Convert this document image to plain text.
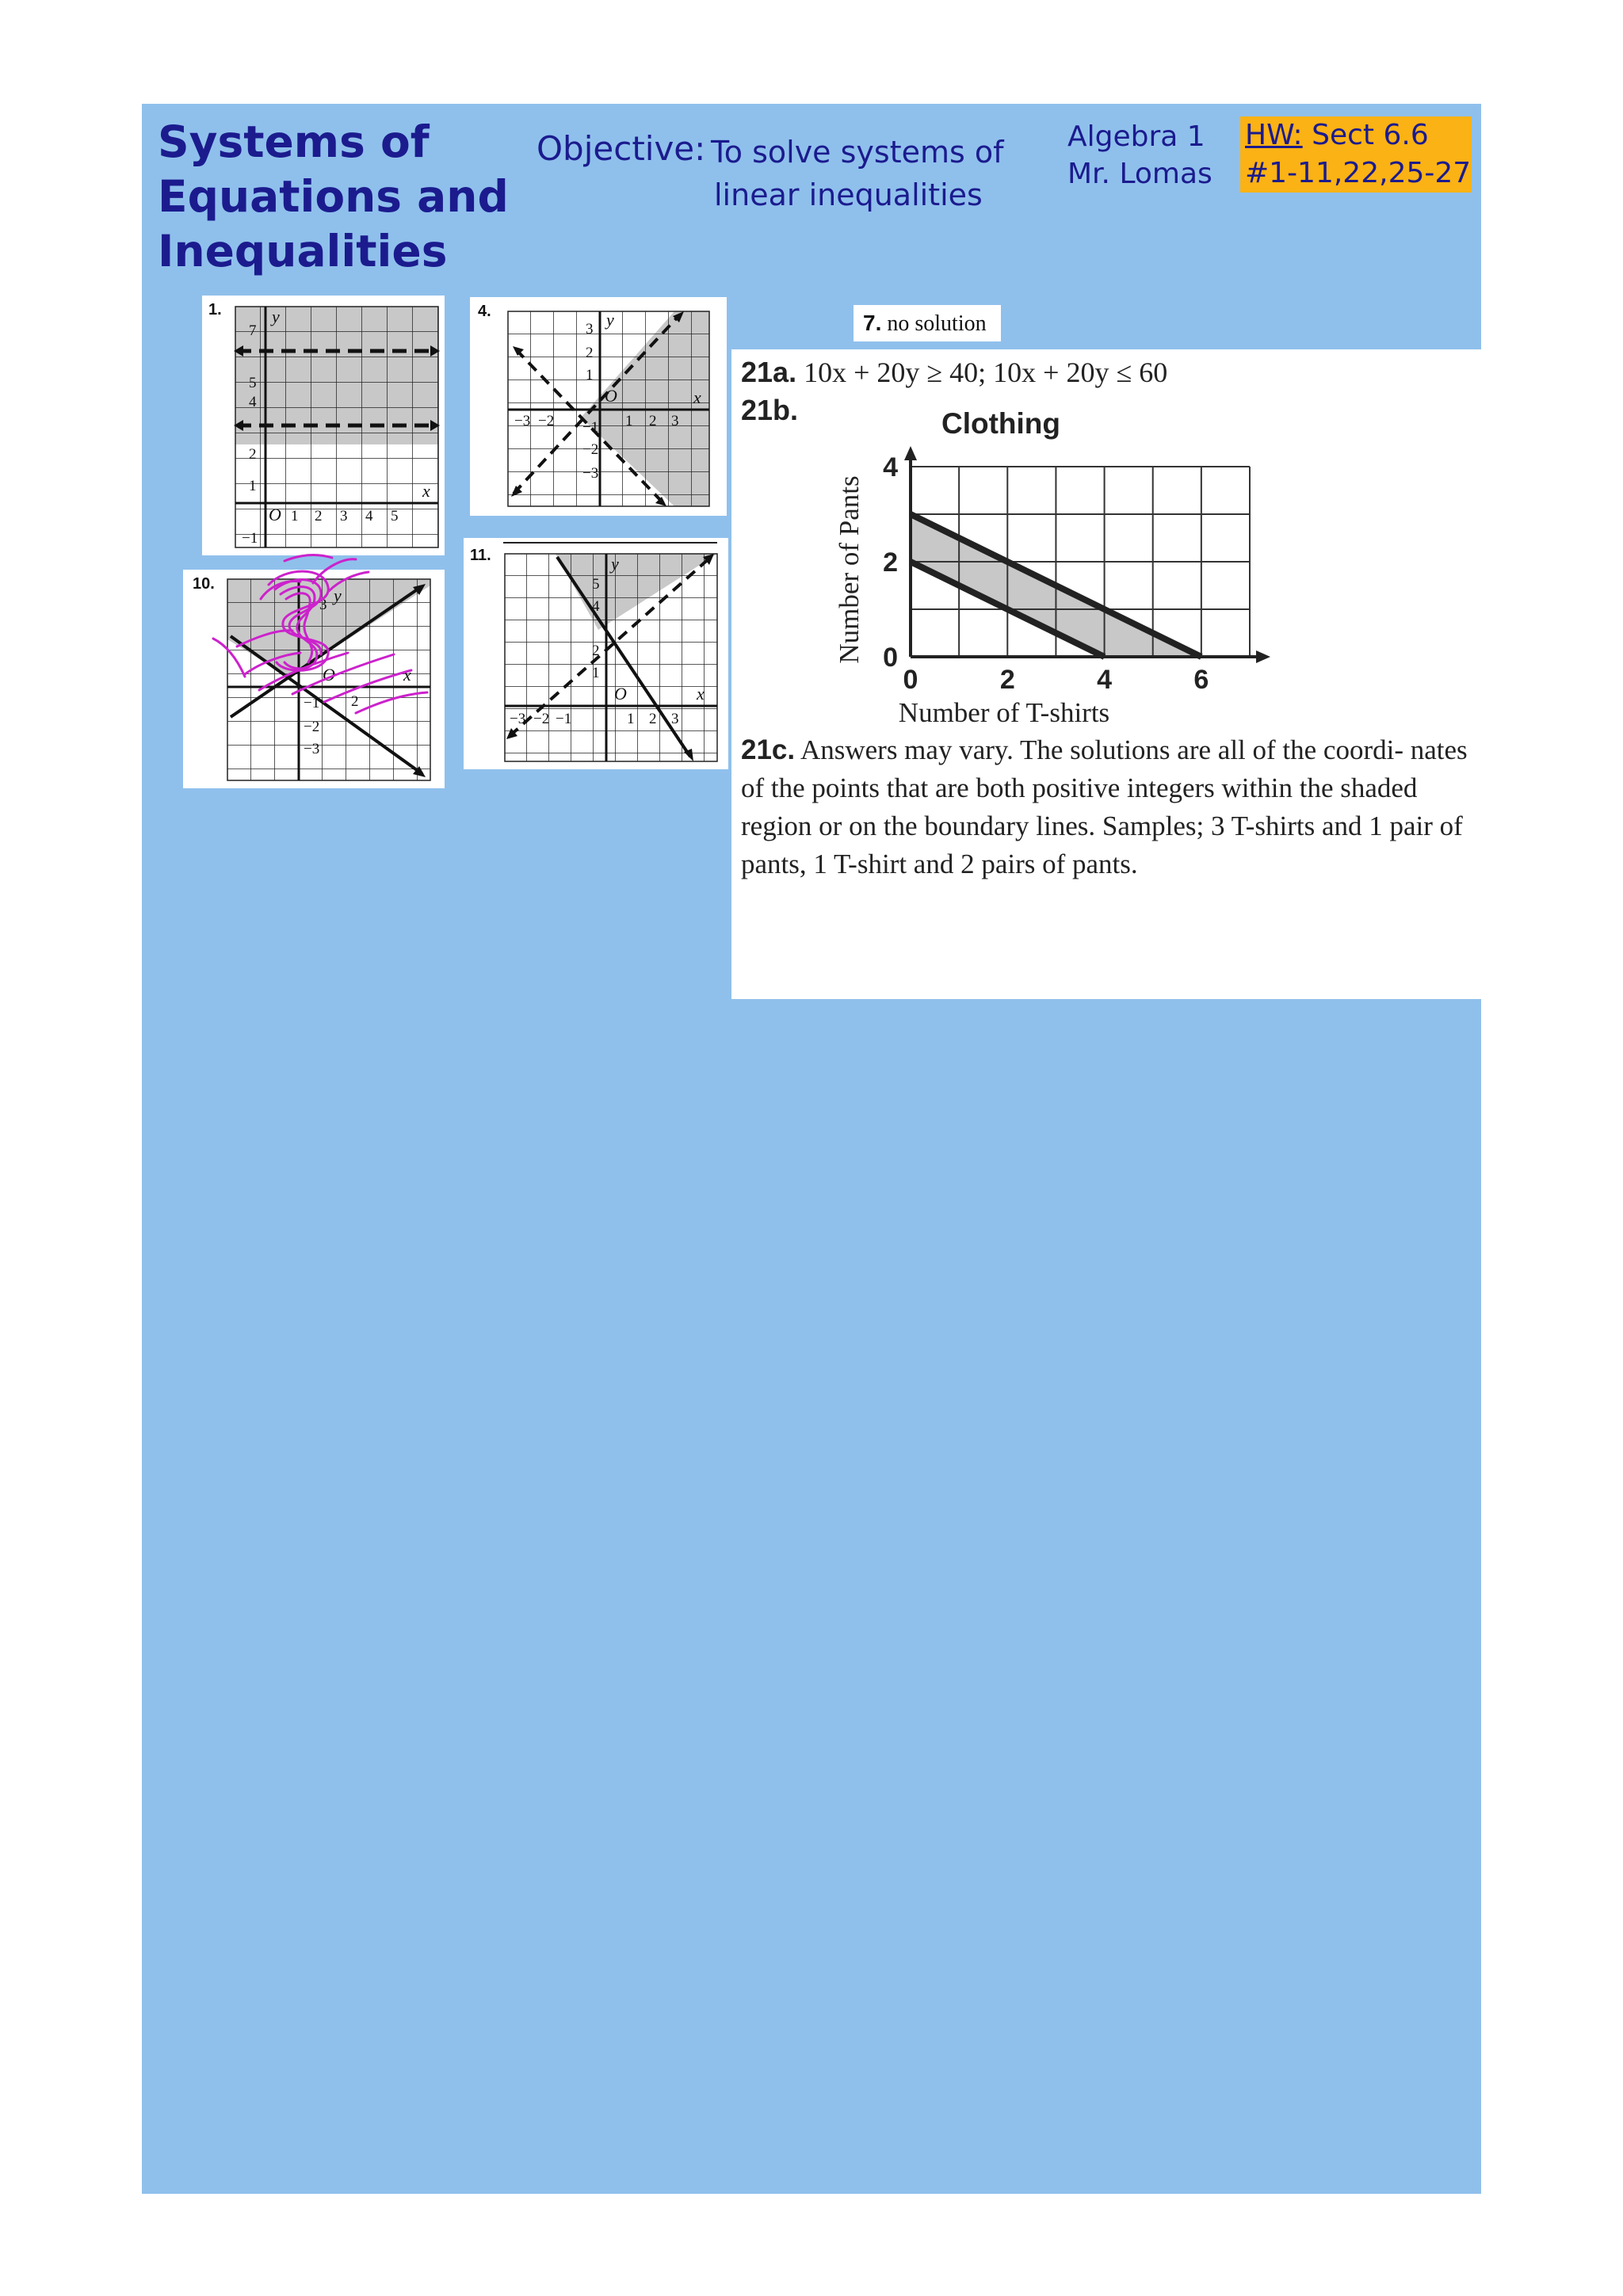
Systems of
Equations and
Inequalities
Objective: To solve systems of
linear inequalities
Algebra 1
Mr. Lomas
HW: Sect 6.6
#1-11,22,25-27
1.	y
x
O
7
5
4
2
1
−1
1 2 3 4 5
4.	y
x
O
3
2
1
−1
−2
−3
−3 −2	1 2 3
10.
y
x
O
2
3
−1
−2
−3
11.	y
x
O
5
4
2
1
−3 −2 −1	1 2 3
7. no solution
21a. 10x + 20y ≥ 40; 10x + 20y ≤ 60
21b.	Clothing
Number of Pants
Number of T-shirts
0	2	4	6
0
2
4
21c. Answers may vary. The solutions are all of the coordi- nates of the points that are both positive integers within the shaded region or on the boundary lines. Samples; 3 T-shirts and 1 pair of pants, 1 T-shirt and 2 pairs of pants.
